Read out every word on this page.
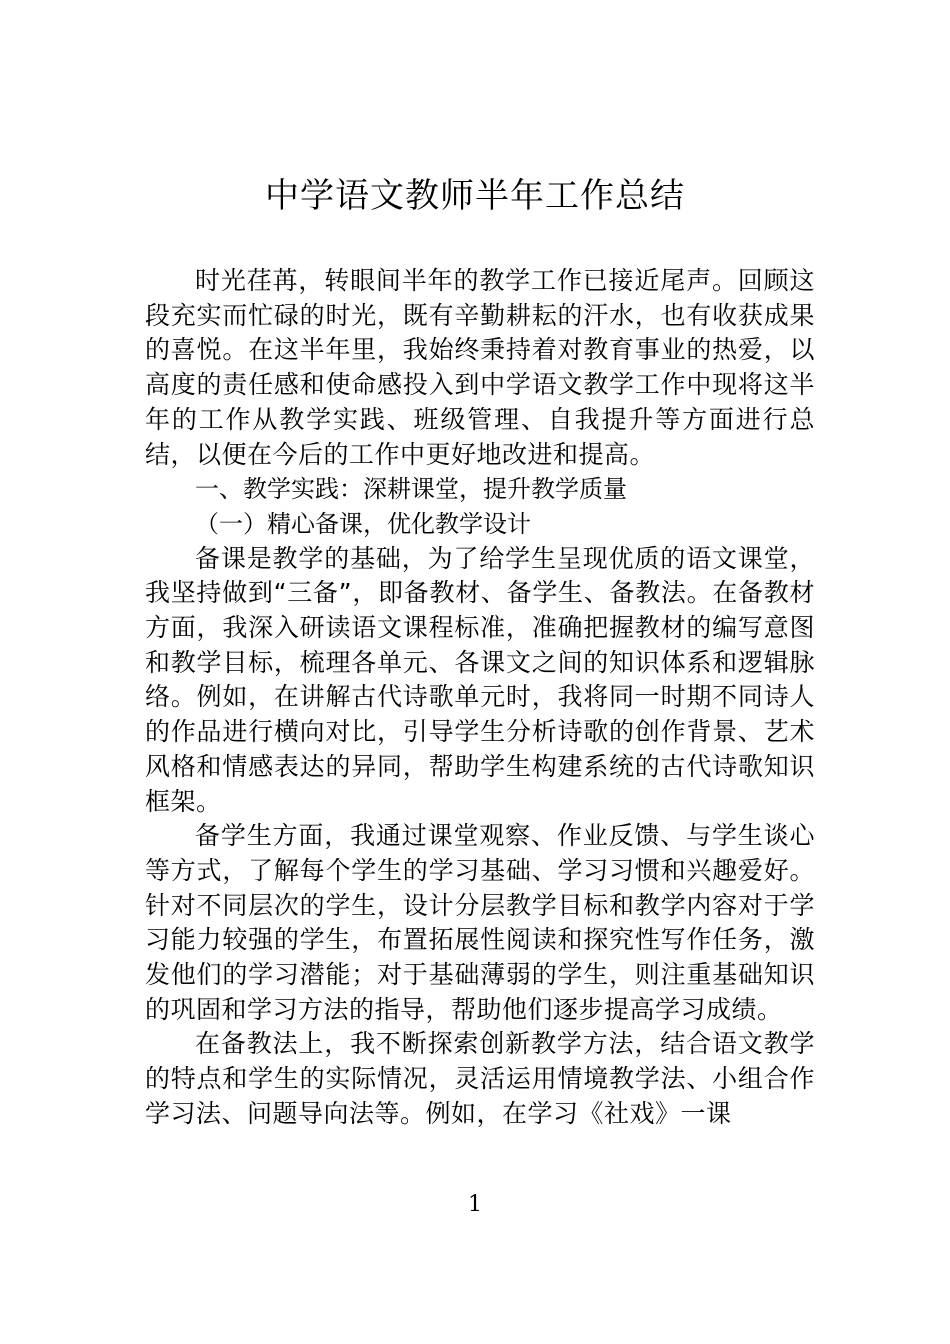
中学语文教师半年工作总结

时光荏苒，转眼间半年的教学工作已接近尾声。回顾这段充实而忙碌的时光，既有辛勤耕耘的汗水，也有收获成果的喜悦。在这半年里，我始终秉持着对教育事业的热爱，以高度的责任感和使命感投入到中学语文教学工作中现将这半年的工作从教学实践、班级管理、自我提升等方面进行总结，以便在今后的工作中更好地改进和提高。

一、教学实践：深耕课堂，提升教学质量

（一）精心备课，优化教学设计

备课是教学的基础，为了给学生呈现优质的语文课堂，我坚持做到“三备”，即备教材、备学生、备教法。在备教材方面，我深入研读语文课程标准，准确把握教材的编写意图和教学目标，梳理各单元、各课文之间的知识体系和逻辑脉络。例如，在讲解古代诗歌单元时，我将同一时期不同诗人的作品进行横向对比，引导学生分析诗歌的创作背景、艺术风格和情感表达的异同，帮助学生构建系统的古代诗歌知识框架。

备学生方面，我通过课堂观察、作业反馈、与学生谈心等方式，了解每个学生的学习基础、学习习惯和兴趣爱好。针对不同层次的学生，设计分层教学目标和教学内容对于学习能力较强的学生，布置拓展性阅读和探究性写作任务，激发他们的学习潜能；对于基础薄弱的学生，则注重基础知识的巩固和学习方法的指导，帮助他们逐步提高学习成绩。

在备教法上，我不断探索创新教学方法，结合语文教学的特点和学生的实际情况，灵活运用情境教学法、小组合作学习法、问题导向法等。例如，在学习《社戏》一课

1
